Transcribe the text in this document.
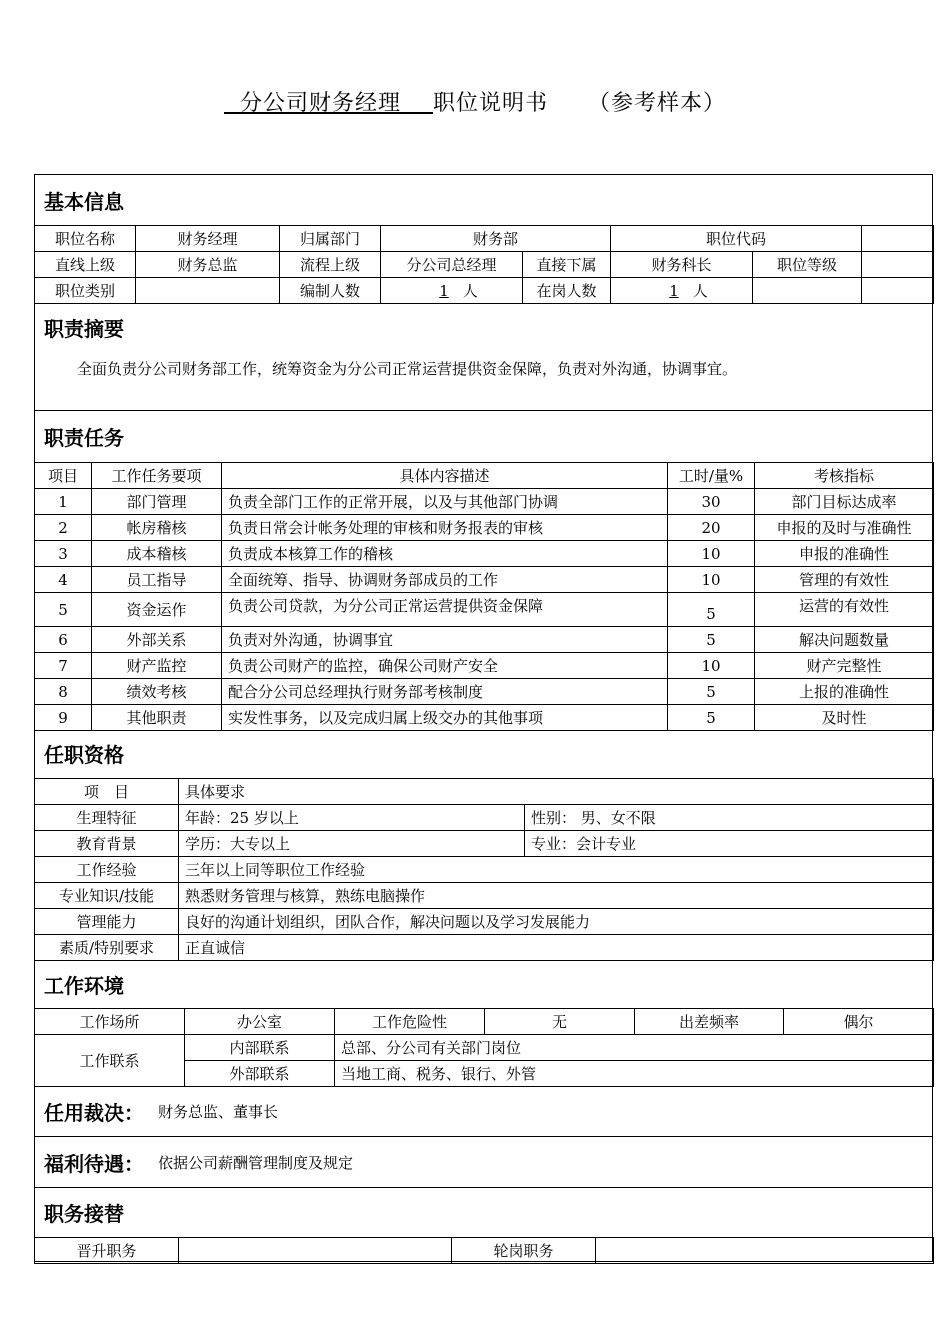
分公司财务经理 职位说明书 （参考样本）
基本信息
职位名称	财务经理	归属部门	财务部		职位代码		
直线上级	财务总监	流程上级	分公司总经理	直接下属	财务科长	职位等级	
职位类别		编制人数	1 人	在岗人数	1 人		
职责摘要
全面负责分公司财务部工作，统筹资金为分公司正常运营提供资金保障，负责对外沟通，协调事宜。
职责任务
项目	工作任务要项	具体内容描述	工时/量%	考核指标
1	部门管理	负责全部门工作的正常开展，以及与其他部门协调	30	部门目标达成率
2	帐房稽核	负责日常会计帐务处理的审核和财务报表的审核	20	申报的及时与准确性
3	成本稽核	负责成本核算工作的稽核	10	申报的准确性
4	员工指导	全面统筹、指导、协调财务部成员的工作	10	管理的有效性
5	资金运作	负责公司贷款，为分公司正常运营提供资金保障	5	运营的有效性
6	外部关系	负责对外沟通，协调事宜	5	解决问题数量
7	财产监控	负责公司财产的监控，确保公司财产安全	10	财产完整性
8	绩效考核	配合分公司总经理执行财务部考核制度	5	上报的准确性
9	其他职责	实发性事务，以及完成归属上级交办的其他事项	5	及时性
任职资格
项　目	具体要求	
生理特征	年龄：25 岁以上	性别： 男、女不限
教育背景	学历：大专以上	专业：会计专业
工作经验	三年以上同等职位工作经验	
专业知识/技能	熟悉财务管理与核算，熟练电脑操作	
管理能力	良好的沟通计划组织，团队合作，解决问题以及学习发展能力	
素质/特别要求	正直诚信	
工作环境
工作场所	办公室	工作危险性	无	出差频率	偶尔
工作联系	内部联系	总部、分公司有关部门岗位			
	外部联系	当地工商、税务、银行、外管			
任用裁决： 财务总监、董事长
福利待遇： 依据公司薪酬管理制度及规定
职务接替
晋升职务		轮岗职务	
